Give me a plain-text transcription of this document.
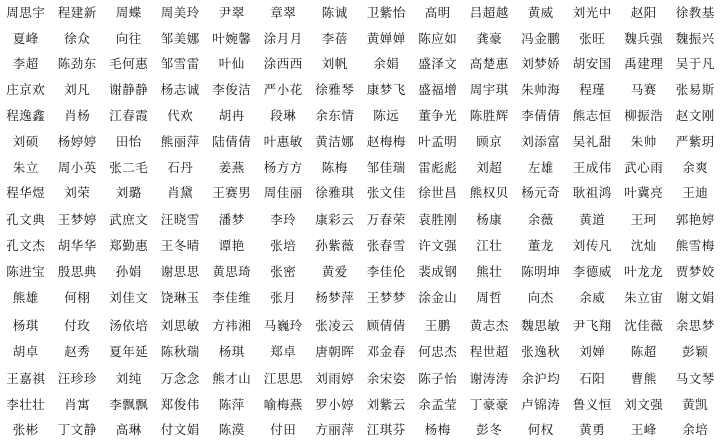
周思宇 程建新	周蝶	周美玲	尹翠	章翠	陈诚	卫紫怡	高明	吕超越	黄威	刘光中	赵阳	徐教基
夏峰	徐众	向往	邹美娜 叶婉馨 涂月月	李蓓	黄婵婵 陈应如	龚豪	冯金鹏	张旺	魏兵强 魏振兴
李超	陈劲东 毛何惠 邹雪雷	叶仙	涂西西	刘帆	余娟	盛泽文 高楚惠 刘梦娇 胡安国 禹建理 吴于凡
庄京欢	刘凡	谢静静 杨志诚 李俊洁 严小花 徐雅琴 康梦飞 盛福增 周宇琪 朱帅海	程瑾	马赛	张易斯
程逸鑫	肖杨	江春霞	代欢	胡冉	段琳	余东情	陈远	董争光 陈胜辉 李倩倩 熊志恒 柳振浩 赵文刚
刘硕	杨婷婷	田怡	熊丽萍 陆倩倩 叶惠敏 黄洁娜 赵梅梅 叶孟明	顾京	刘添富 吴礼甜	朱帅	严紫玥
朱立	周小英 张二毛	石丹	姜燕	杨方方	陈梅	邹佳瑞 雷彪彪	刘超	左雄	王成伟 武心雨	余爽
程华煜	刘荣	刘璐	肖黛	王赛男 周佳丽 徐雅琪 张文佳 徐世昌 熊权贝 杨元奇 耿祖鸿 叶冀亮	王迪
孔文典 王梦婷 武庶文 汪晓雪	潘梦	李玲	康彩云 万春荣 袁胜刚	杨康	余薇	黄道	王珂	郭艳婷
孔文杰 胡华华 郑勤惠 王冬晴	谭艳	张培	孙紫薇 张春雪 许文强	江壮	董龙	刘传凡	沈灿	熊雪梅
陈进宝 殷思典	孙娟	谢思思 黄思琦	张密	黄爱	李佳伦 裴成钢	熊壮	陈明坤 李德威 叶龙龙 贾梦姣
熊雄	何栩	刘佳文 饶琳玉 李佳维	张月	杨梦萍 王梦梦 涂金山	周哲	向杰	余威	朱立宙 谢文娟
杨琪	付玫	汤依培 刘思敏 方祎湘 马巍玲 张凌云 顾倩倩	王鹏	黄志杰 魏思敏 尹飞翔 沈佳薇 余思梦
胡卓	赵秀	夏年延 陈秋瑞	杨琪	郑卓	唐朝晖 邓金春 何忠杰 程世超 张逸秋	刘婵	陈超	彭颖
王嘉祺 汪珍珍	刘纯	万念念 熊才山 江思思 刘雨婷 余宋姿 陈子怡 谢涛涛 余沪均	石阳	曹熊	马文琴
李壮壮	肖寓	李飘飘 郑俊伟	陈萍	喻梅燕 罗小婷 刘紫云 余孟莹 丁豪豪 卢锦涛 鲁义恒 刘文强	黄凯
张彬	丁文静	高琳	付文娟	陈漠	付田	方丽萍 江琪芬	杨梅	彭冬	何权	黄勇	王峰	余培
